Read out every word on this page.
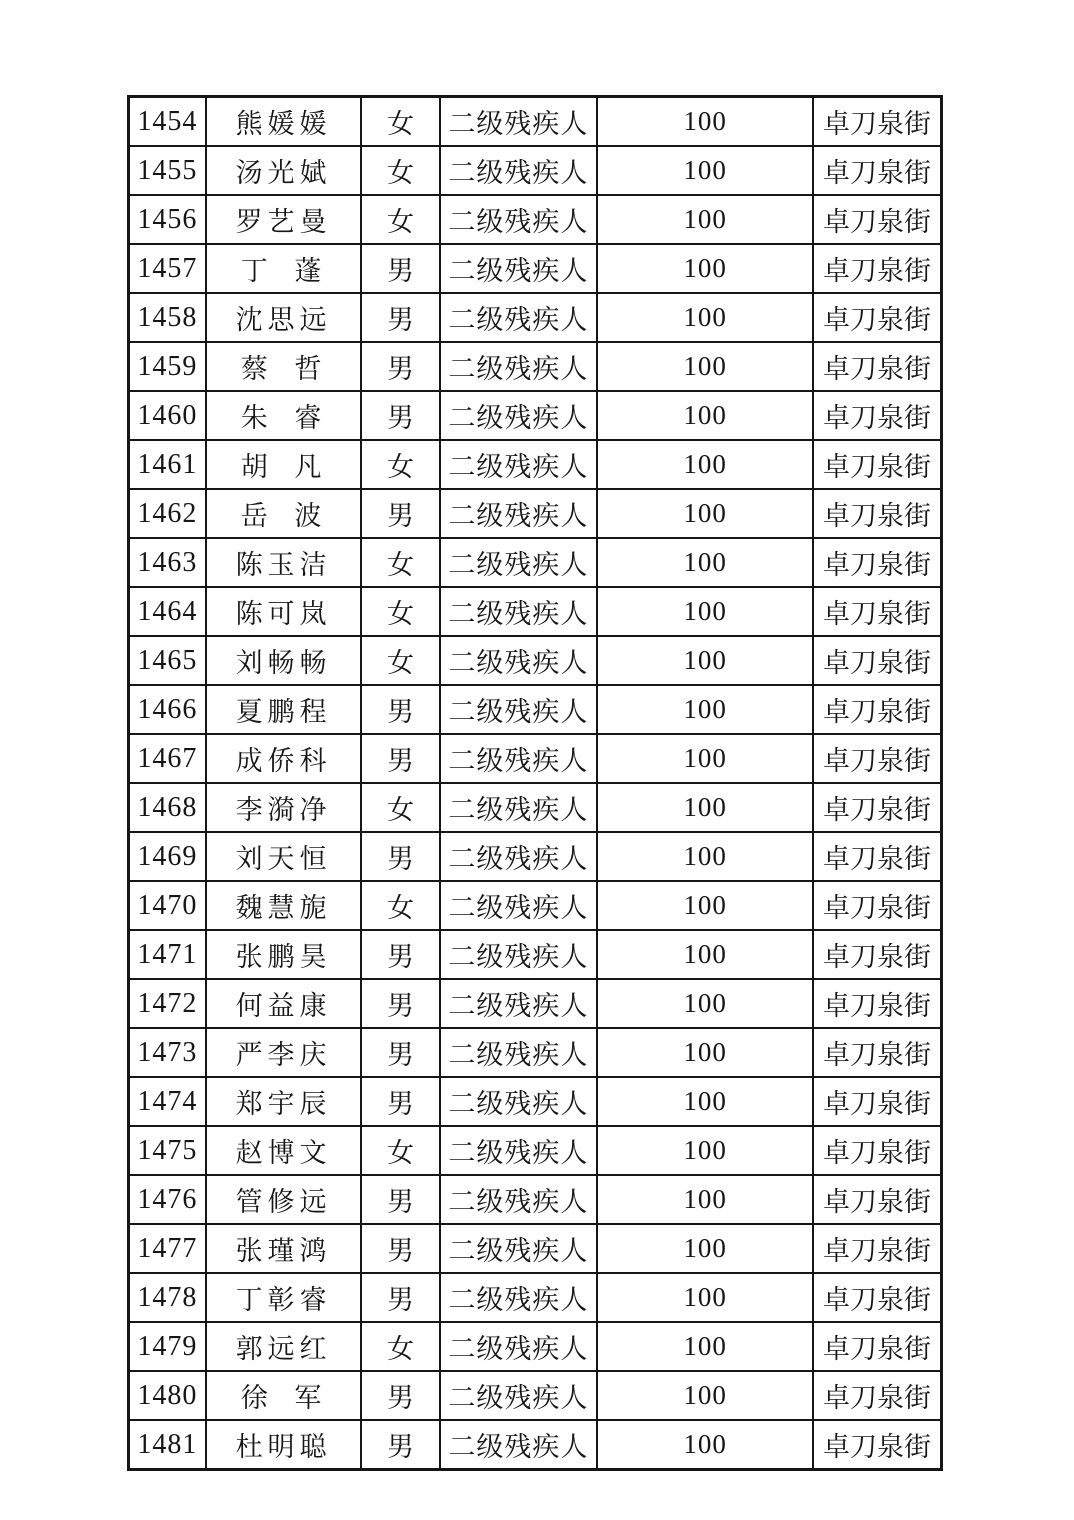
1454	熊媛媛	女	二级残疾人	100	卓刀泉街
1455	汤光娬	女	二级残疾人	100	卓刀泉街
1456	罗艺曼	女	二级残疾人	100	卓刀泉街
1457	丁 蓬	男	二级残疾人	100	卓刀泉街
1458	沈思远	男	二级残疾人	100	卓刀泉街
1459	蔡 哲	男	二级残疾人	100	卓刀泉街
1460	朱 睿	男	二级残疾人	100	卓刀泉街
1461	胡 凡	女	二级残疾人	100	卓刀泉街
1462	岳 波	男	二级残疾人	100	卓刀泉街
1463	陈玉洁	女	二级残疾人	100	卓刀泉街
1464	陈可岚	女	二级残疾人	100	卓刀泉街
1465	刘畅畅	女	二级残疾人	100	卓刀泉街
1466	夏鹏程	男	二级残疾人	100	卓刀泉街
1467	成侨科	男	二级残疾人	100	卓刀泉街
1468	李漪净	女	二级残疾人	100	卓刀泉街
1469	刘天恒	男	二级残疾人	100	卓刀泉街
1470	魏慧旎	女	二级残疾人	100	卓刀泉街
1471	张鹏昊	男	二级残疾人	100	卓刀泉街
1472	何益康	男	二级残疾人	100	卓刀泉街
1473	严李庆	男	二级残疾人	100	卓刀泉街
1474	郑宇辰	男	二级残疾人	100	卓刀泉街
1475	赵博文	女	二级残疾人	100	卓刀泉街
1476	管修远	男	二级残疾人	100	卓刀泉街
1477	张瑾鸿	男	二级残疾人	100	卓刀泉街
1478	丁彰睿	男	二级残疾人	100	卓刀泉街
1479	郭远红	女	二级残疾人	100	卓刀泉街
1480	徐 军	男	二级残疾人	100	卓刀泉街
1481	杜明聪	男	二级残疾人	100	卓刀泉街
